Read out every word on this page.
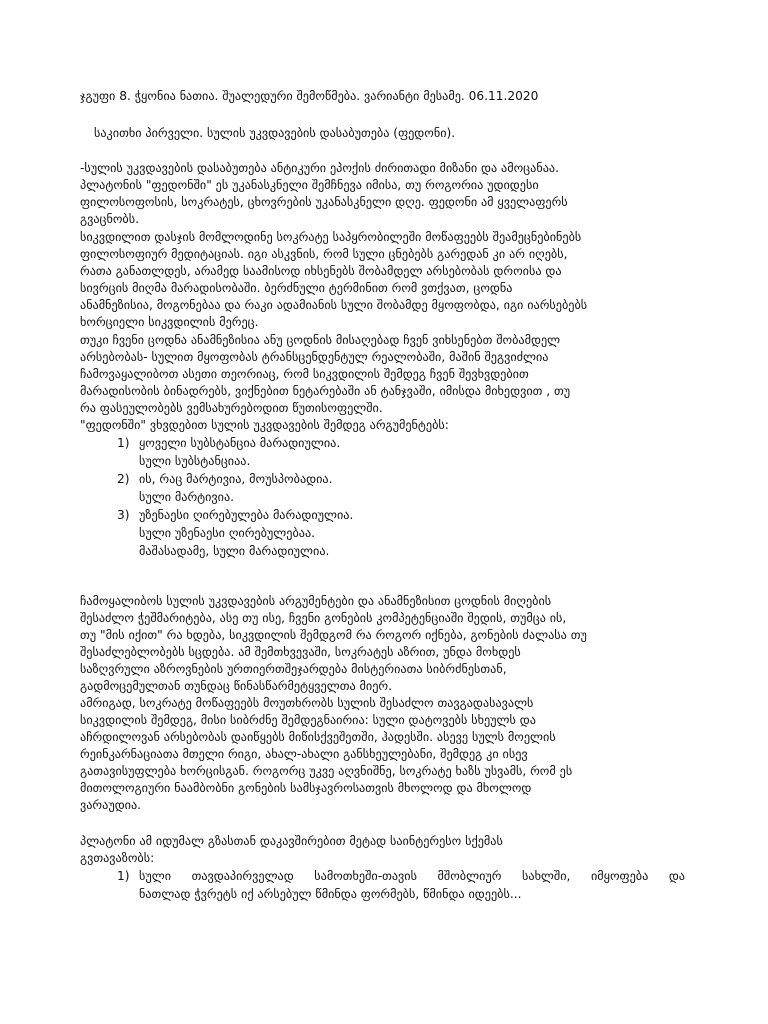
ჯგუფი 8. ჭყონია ნათია. შუალედური შემოწმება. ვარიანტი მესამე. 06.11.2020
საკითხი პირველი. სულის უკვდავების დასაბუთება (ფედონი).
-სულის უკვდავების დასაბუთება ანტიკური ეპოქის ძირითადი მიზანი და ამოცანაა.
პლატონის "ფედონში" ეს უკანასკნელი შემჩნევა იმისა, თუ როგორია უდიდესი
ფილოსოფოსის, სოკრატეს, ცხოვრების უკანასკნელი დღე. ფედონი ამ ყველაფერს
გვაცნობს.
სიკვდილით დასჯის მომლოდინე სოკრატე საპყრობილეში მოწაფეებს შეამეცნებინებს
ფილოსოფიურ მედიტაციას. იგი ასკვნის, რომ სული ცნებებს გარედან კი არ იღებს,
რათა განათლდეს, არამედ საამისოდ იხსენებს შობამდელ არსებობას დროისა და
სივრცის მიღმა მარადისობაში. ბერძნული ტერმინით რომ ვთქვათ, ცოდნა
ანამნეზისია, მოგონებაა და რაკი ადამიანის სული შობამდე მყოფობდა, იგი იარსებებს
ხორციელი სიკვდილის მერეც.
თუკი ჩვენი ცოდნა ანამნეზისია ანუ ცოდნის მისაღებად ჩვენ ვიხსენებთ შობამდელ
არსებობას- სულით მყოფობას ტრანსცენდენტულ რეალობაში, მაშინ შეგვიძლია
ჩამოვაყალიბოთ ასეთი თეორიაც, რომ სიკვდილის შემდეგ ჩვენ შევხვდებით
მარადისობის ბინადრებს, ვიქნებით ნეტარებაში ან ტანჯვაში, იმისდა მიხედვით , თუ
რა ფასეულობებს ვემსახურებოდით წუთისოფელში.
"ფედონში" ვხვდებით სულის უკვდავების შემდეგ არგუმენტებს:
1) ყოველი სუბსტანცია მარადიულია.
სული სუბსტანციაა.
2) ის, რაც მარტივია, მოუსპობადია.
სული მარტივია.
3) უზენაესი ღირებულება მარადიულია.
სული უზენაესი ღირებულებაა.
მაშასადამე, სული მარადიულია.
ჩამოყალიბოს სულის უკვდავების არგუმენტები და ანამნეზისით ცოდნის მიღების
შესაძლო ჭეშმარიტება, ასე თუ ისე, ჩვენი გონების კომპეტენციაში შედის, თუმცა ის,
თუ "მის იქით" რა ხდება, სიკვდილის შემდგომ რა როგორ იქნება, გონების ძალასა თუ
შესაძლებლობებს სცდება. ამ შემთხვევაში, სოკრატეს აზრით, უნდა მოხდეს
საზღვრული აზროვნების ურთიერთშეჯარდება მისტერიათა სიბრძნესთან,
გადმოცემულთან თუნდაც წინასწარმეტყველთა მიერ.
ამრიგად, სოკრატე მოწაფეებს მოუთხრობს სულის შესაძლო თავგადასავალს
სიკვდილის შემდეგ, მისი სიბრძნე შემდეგნაირია: სული დატოვებს სხეულს და
აჩრდილოვან არსებობას დაიწყებს მიწისქვეშეთში, ჰადესში. ასევე სულს მოელის
რეინკარნაციათა მთელი რიგი, ახალ-ახალი განსხეულებანი, შემდეგ კი ისევ
გათავისუფლება ხორცისგან. როგორც უკვე აღვნიშნე, სოკრატე ხაზს უსვამს, რომ ეს
მითოლოგიური ნაამბობნი გონების სამსჯავროსათვის მხოლოდ და მხოლოდ
ვარაუდია.
პლატონი ამ იდუმალ გზასთან დაკავშირებით მეტად საინტერესო სქემას
გვთავაზობს:
1) სული თავდაპირველად სამოთხეში-თავის მშობლიურ სახლში, იმყოფება და
ნათლად ჭვრეტს იქ არსებულ წმინდა ფორმებს, წმინდა იდეებს...
